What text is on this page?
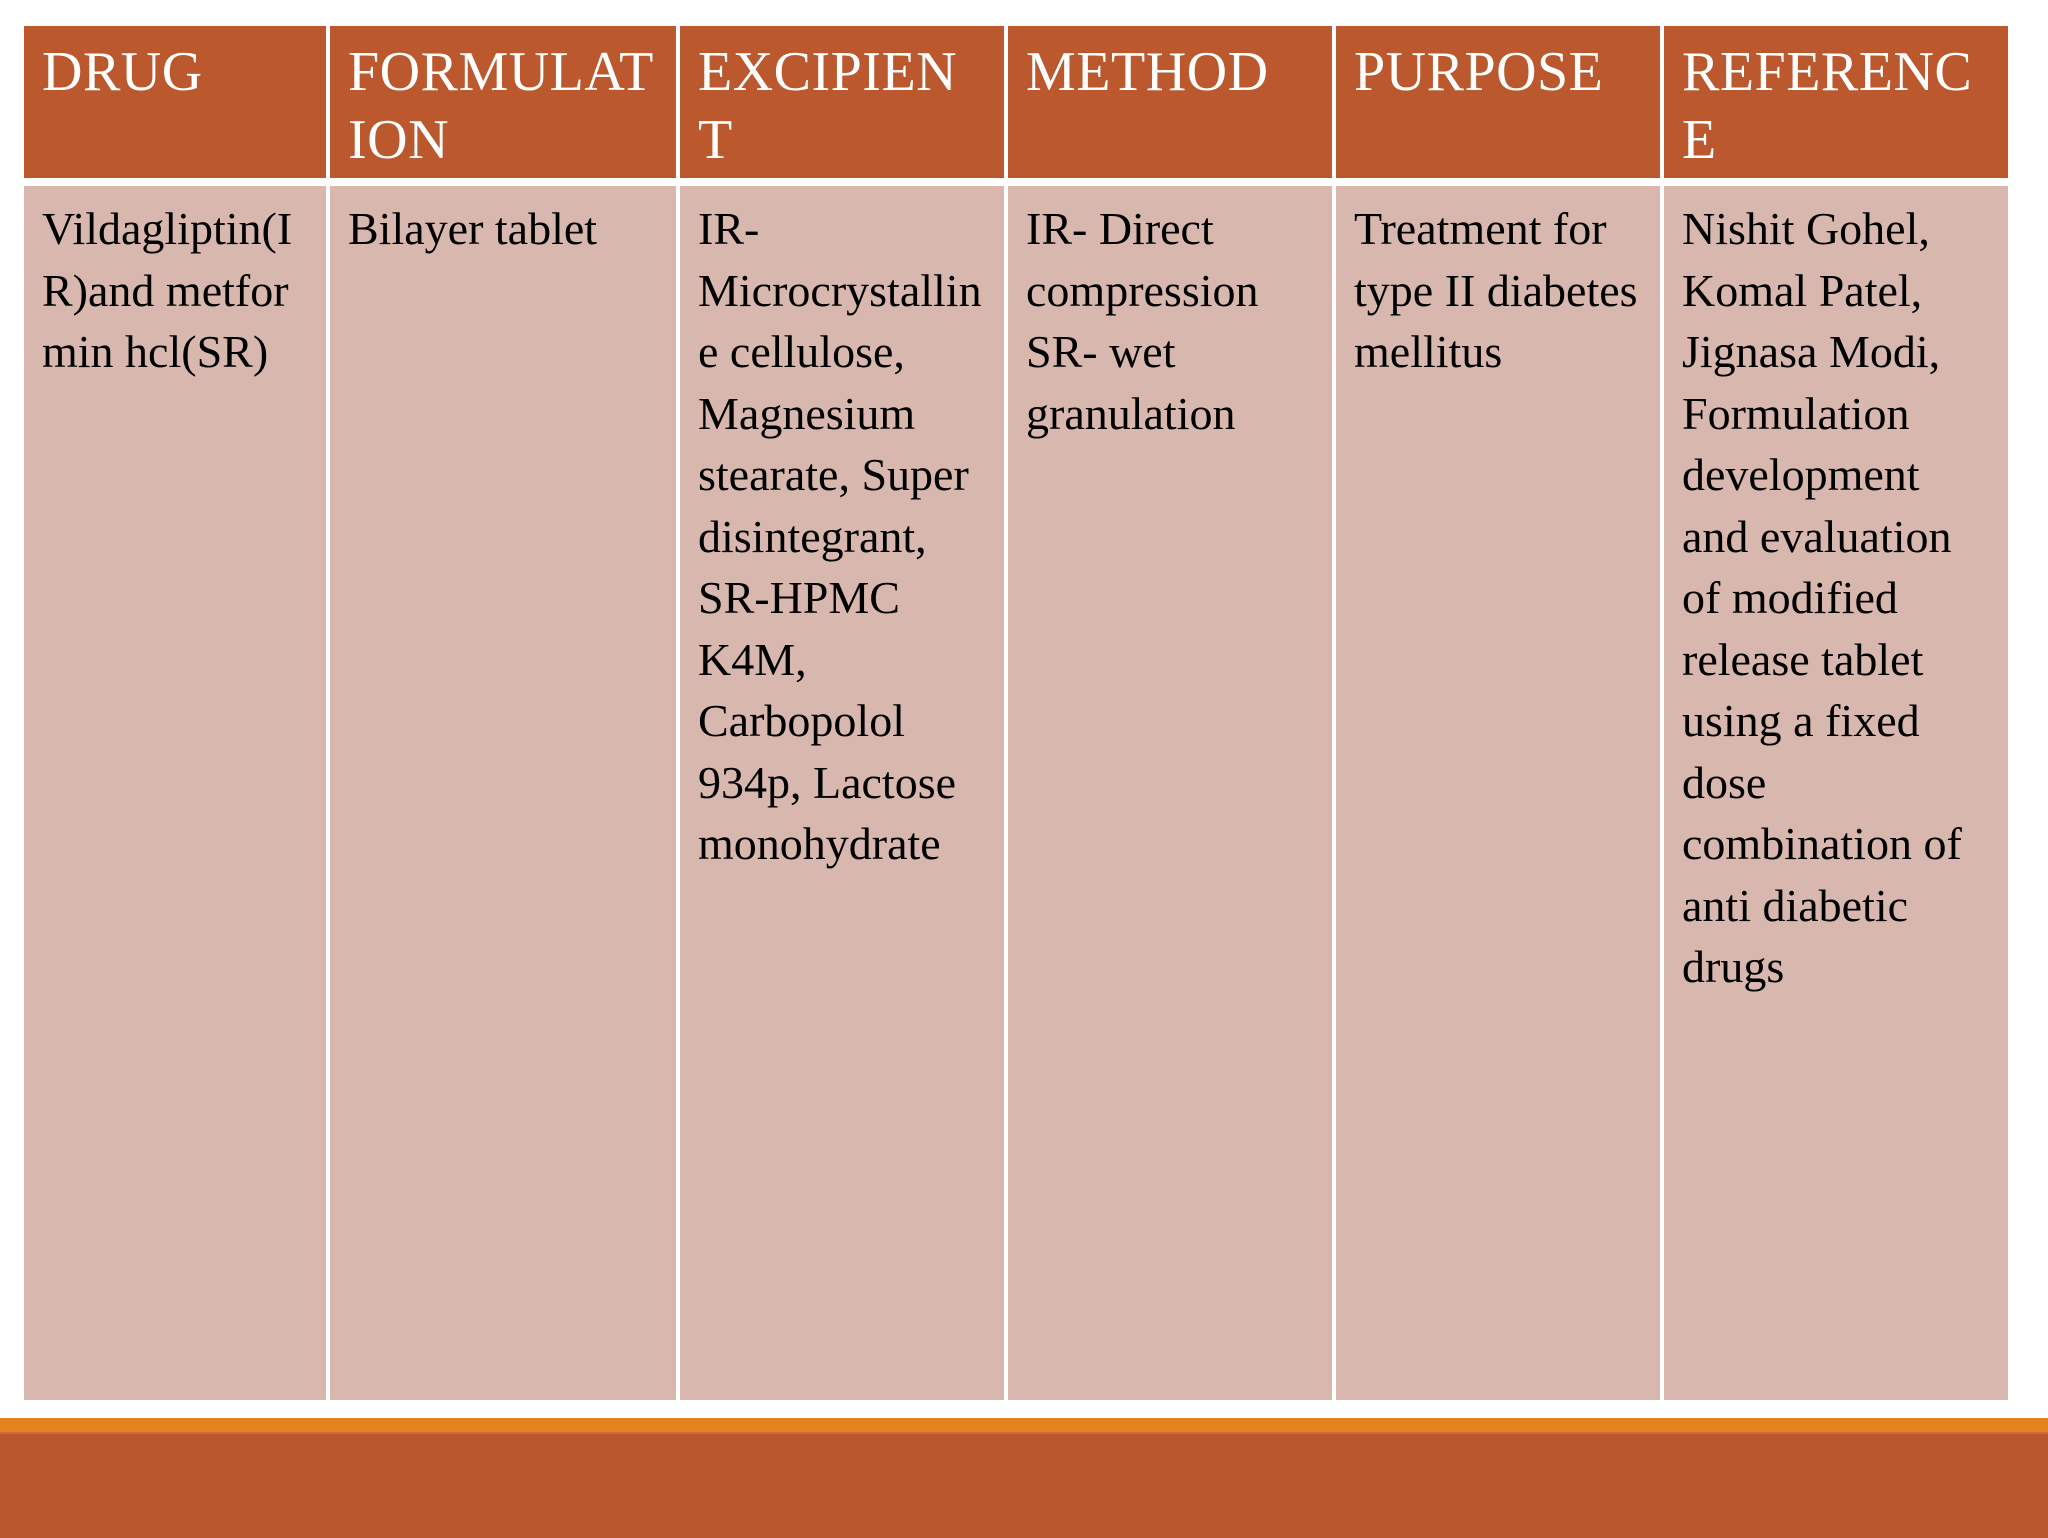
DRUG	FORMULATION	EXCIPIENT	METHOD	PURPOSE	REFERENCE
Vildagliptin(IR)and metformin hcl(SR)	Bilayer tablet	IR-Microcrystalline cellulose, Magnesium stearate, Super disintegrant, SR-HPMC K4M, Carbopolol 934p, Lactose monohydrate	IR- Direct compression SR- wet granulation	Treatment for type II diabetes mellitus	Nishit Gohel, Komal Patel, Jignasa Modi, Formulation development and evaluation of modified release tablet using a fixed dose combination of anti diabetic drugs
